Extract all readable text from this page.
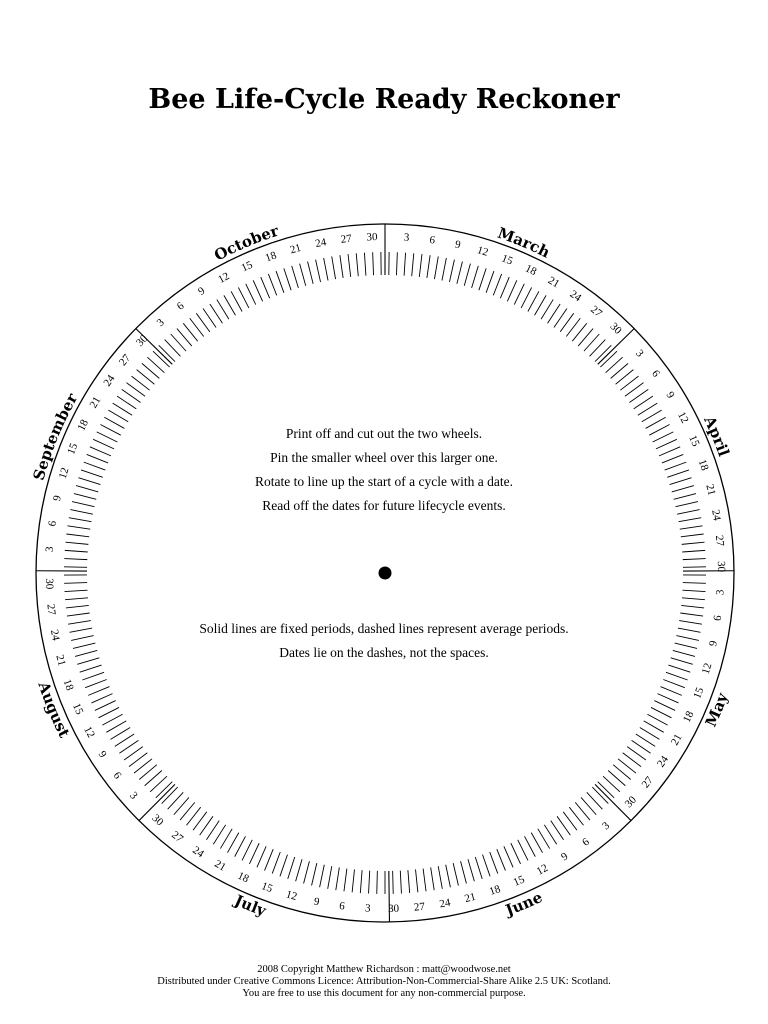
Bee Life-Cycle Ready Reckoner
3 6 9 12
15
18
21
24
27
30
3
6
9
12
15
18
21
24
27
30
3
6
9
12
15
18
21
24
27
30
3
6
9
12
15
18
21
24
27
30
3
6
9
12
15
18
21
24
27
30
3
6
9
12
15
18
21
24
27
30
3
6
9
12
15
18
21
24
27
30
3
6
9
12
15
18
21 24 27 30	March
April
May
June
July
August
September
October
Print off and cut out the two wheels.
Pin the smaller wheel over this larger one.
Rotate to line up the start of a cycle with a date.
Read off the dates for future lifecycle events.
Solid lines are fixed periods, dashed lines represent average periods.
Dates lie on the dashes, not the spaces.
2008 Copyright Matthew Richardson : matt@woodwose.net
Distributed under Creative Commons Licence: Attribution-Non-Commercial-Share Alike 2.5 UK: Scotland.
You are free to use this document for any non-commercial purpose.
